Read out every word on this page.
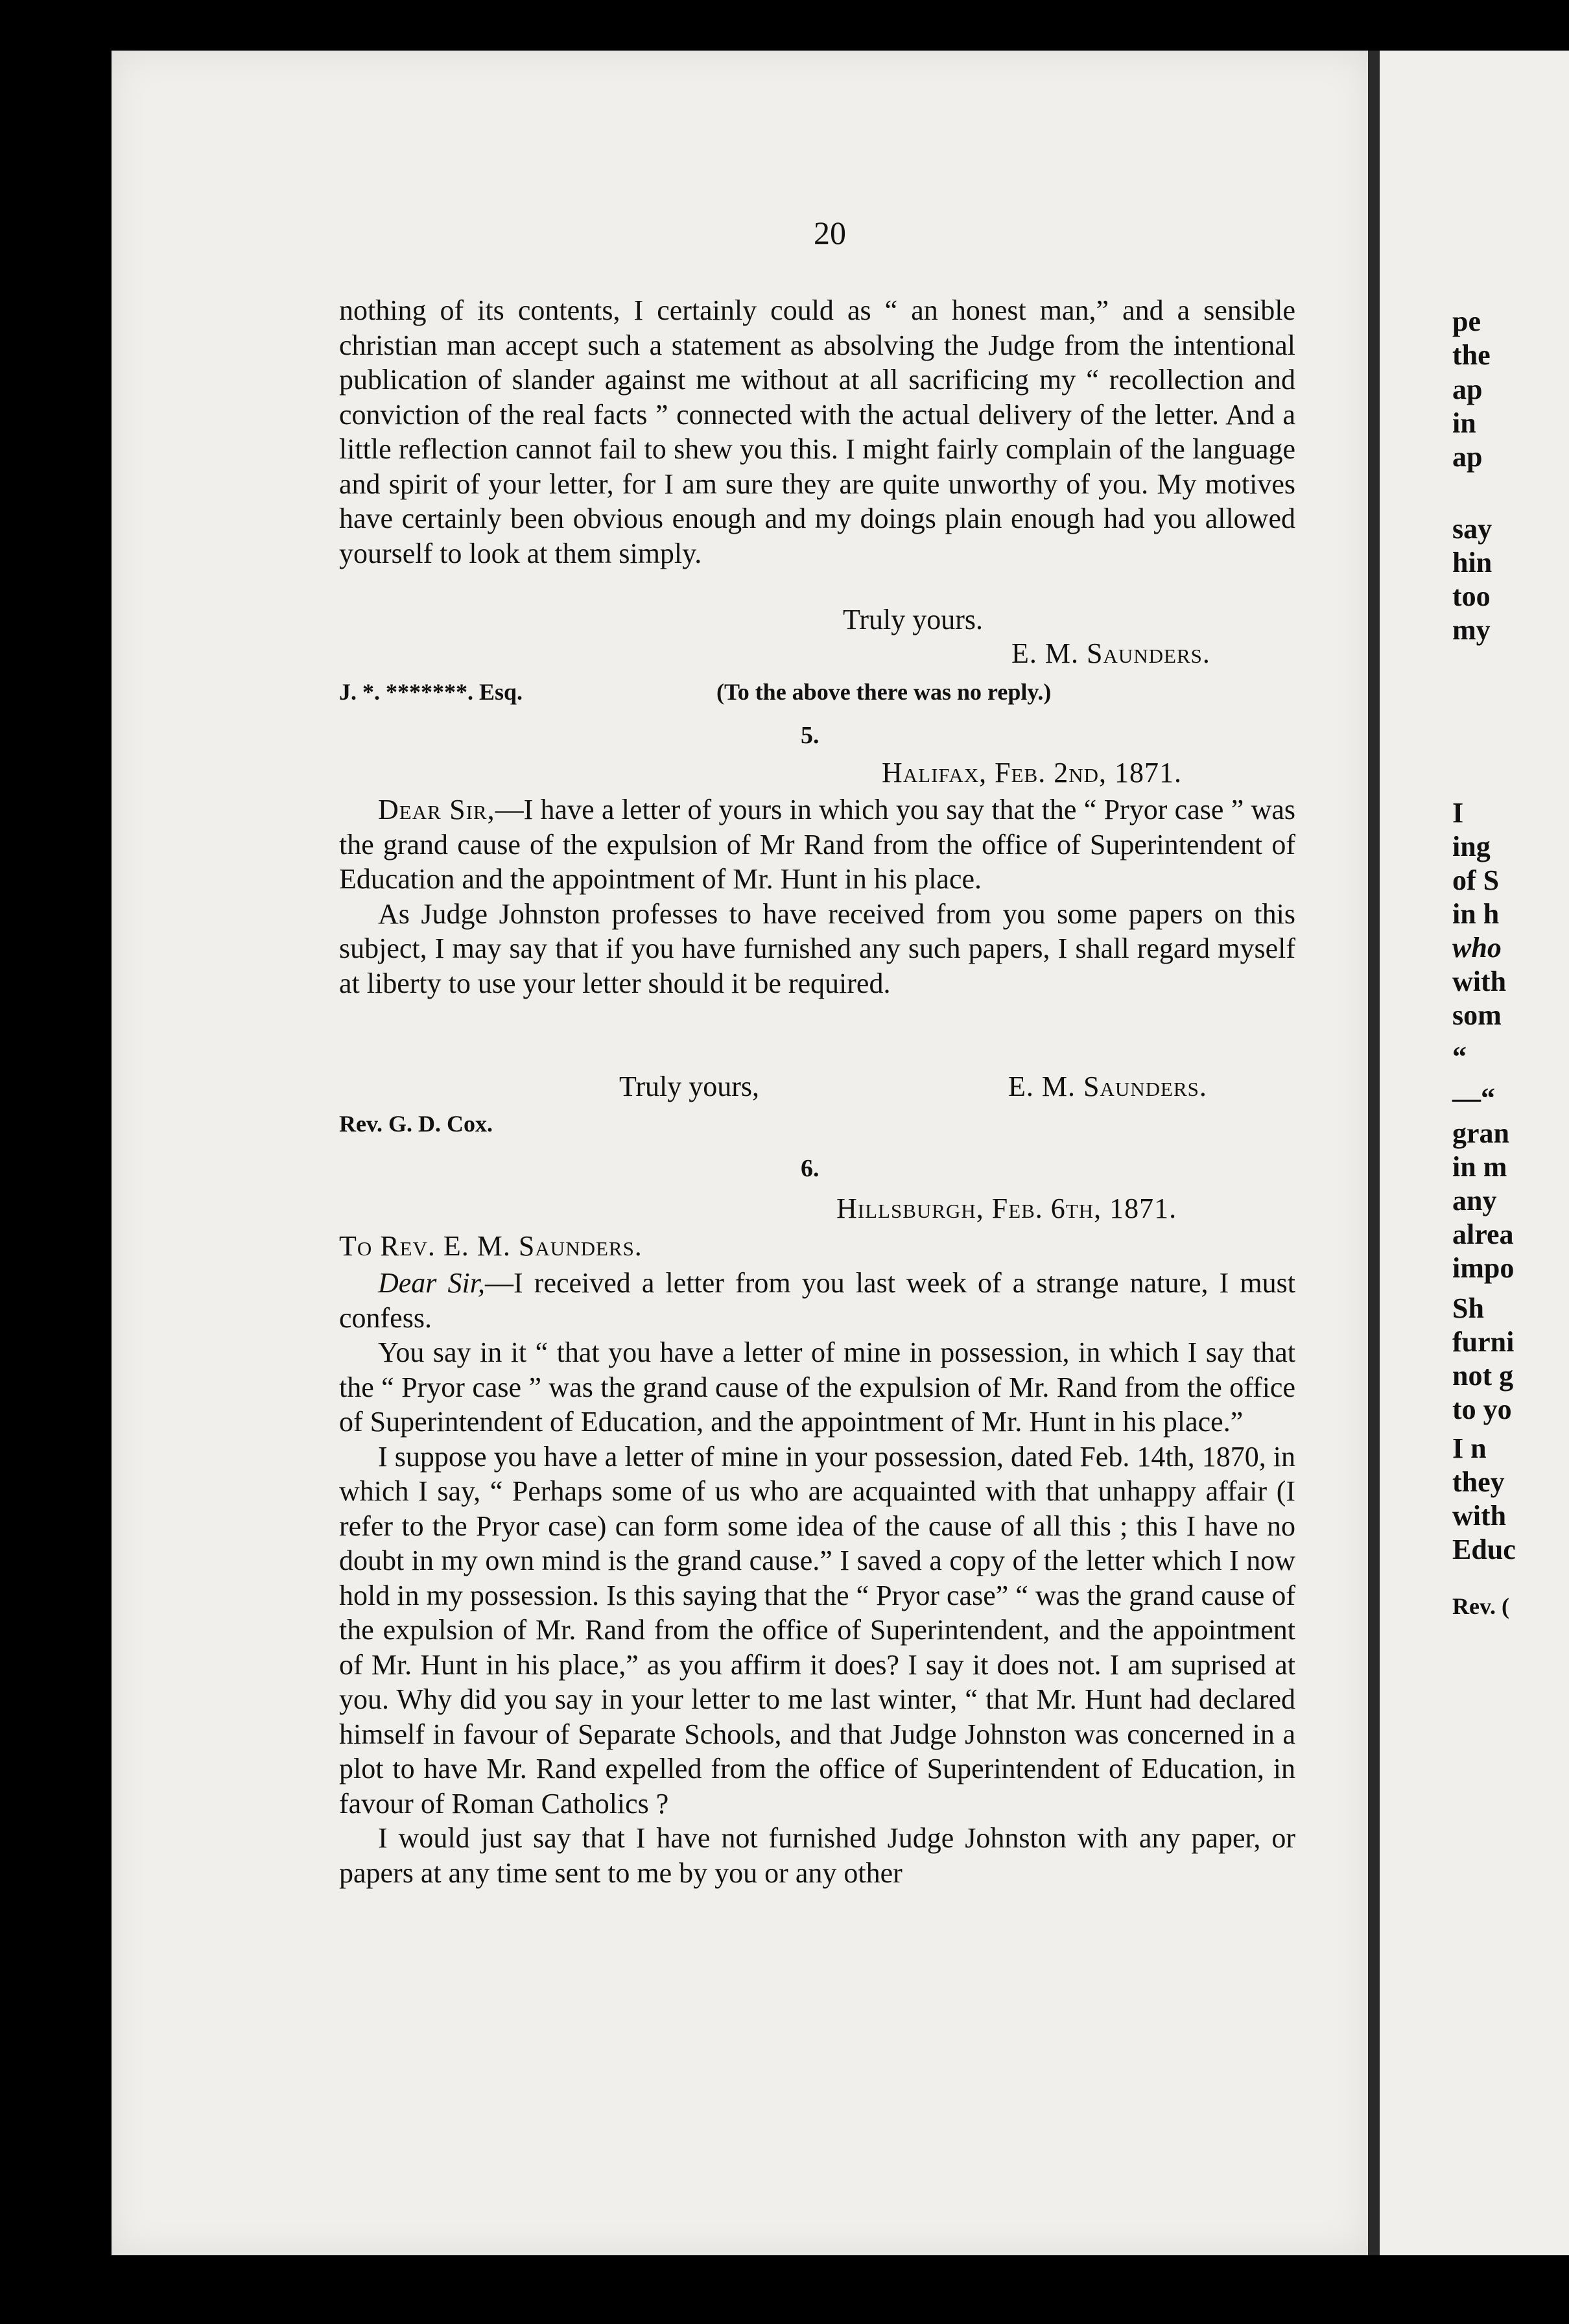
20

nothing of its contents, I certainly could as “ an honest man,” and a sensible christian man accept such a statement as absolving the Judge from the intentional publication of slander against me without at all sacrificing my “ recollection and conviction of the real facts ” connected with the actual delivery of the letter. And a little reflection cannot fail to shew you this. I might fairly complain of the language and spirit of your letter, for I am sure they are quite unworthy of you. My motives have certainly been obvious enough and my doings plain enough had you allowed yourself to look at them simply.

Truly yours.
E. M. Saunders.
J. *. *******. Esq.	(To the above there was no reply.)
5.
Halifax, Feb. 2nd, 1871.

Dear Sir,—I have a letter of yours in which you say that the “ Pryor case ” was the grand cause of the expulsion of Mr Rand from the office of Superintendent of Education and the appointment of Mr. Hunt in his place.

As Judge Johnston professes to have received from you some papers on this subject, I may say that if you have furnished any such papers, I shall regard myself at liberty to use your letter should it be required.

Truly yours,	E. M. Saunders.
Rev. G. D. Cox.
6.
Hillsburgh, Feb. 6th, 1871.
To Rev. E. M. Saunders.

Dear Sir,—I received a letter from you last week of a strange nature, I must confess.

You say in it “ that you have a letter of mine in possession, in which I say that the “ Pryor case ” was the grand cause of the expulsion of Mr. Rand from the office of Superintendent of Education, and the appointment of Mr. Hunt in his place.”

I suppose you have a letter of mine in your possession, dated Feb. 14th, 1870, in which I say, “ Perhaps some of us who are acquainted with that unhappy affair (I refer to the Pryor case) can form some idea of the cause of all this ; this I have no doubt in my own mind is the grand cause.” I saved a copy of the letter which I now hold in my possession. Is this saying that the “ Pryor case” “ was the grand cause of the expulsion of Mr. Rand from the office of Superintendent, and the appointment of Mr. Hunt in his place,” as you affirm it does? I say it does not. I am suprised at you. Why did you say in your letter to me last winter, “ that Mr. Hunt had declared himself in favour of Separate Schools, and that Judge Johnston was concerned in a plot to have Mr. Rand expelled from the office of Superintendent of Education, in favour of Roman Catholics ?

I would just say that I have not furnished Judge Johnston with any paper, or papers at any time sent to me by you or any other

pe
the
ap
in
ap
say
hin
too
my
I
ing
of S
in h
who
with
som
“
—“
gran
in m
any
alrea
impo
Sh
furni
not g
to yo
I n
they
with
Educ
Rev. (
